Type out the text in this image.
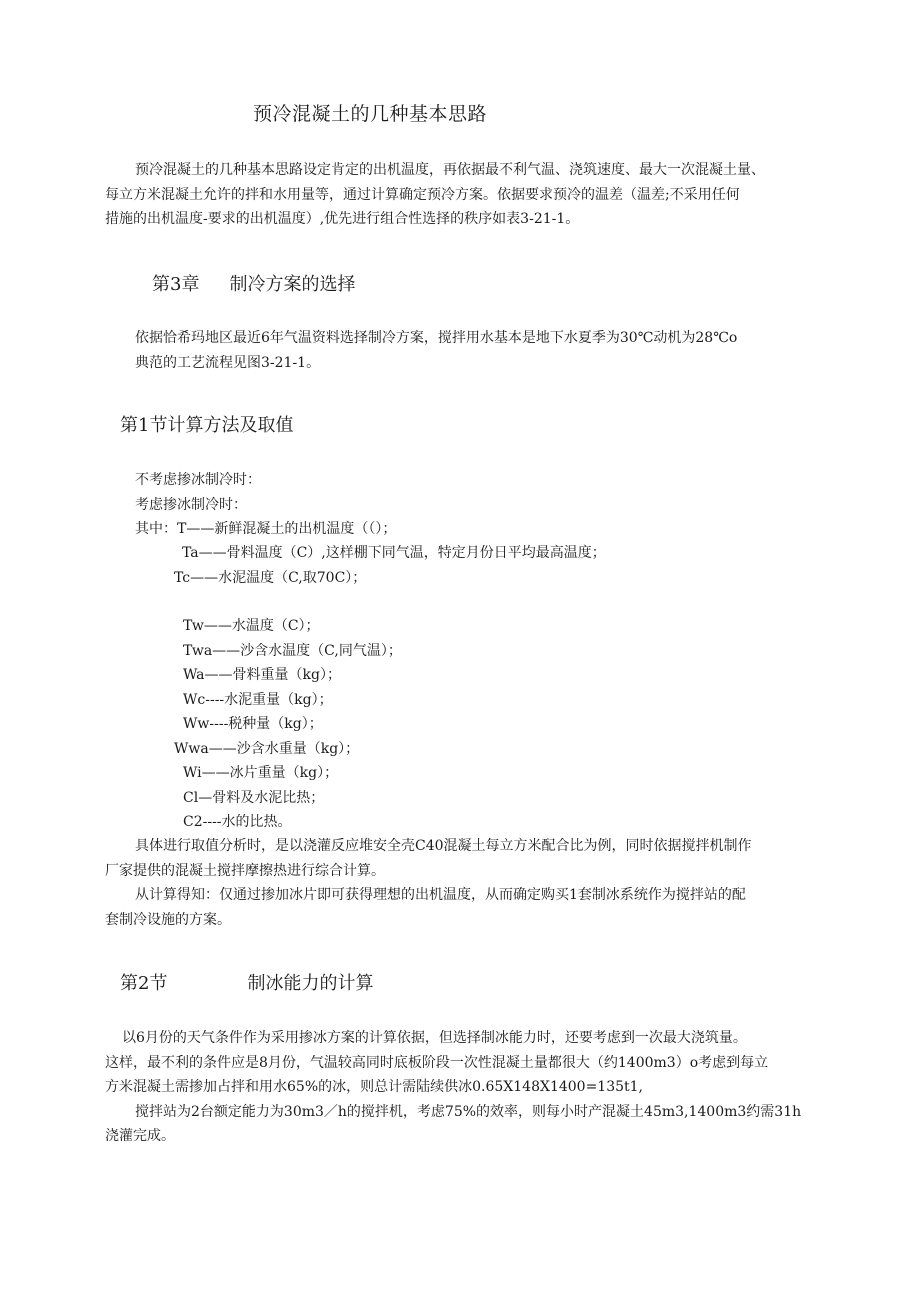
预冷混凝土的几种基本思路
预冷混凝土的几种基本思路设定肯定的出机温度，再依据最不利气温、浇筑速度、最大一次混凝土量、
每立方米混凝土允许的拌和水用量等，通过计算确定预冷方案。依据要求预冷的温差（温差;不采用任何
措施的出机温度-要求的出机温度）,优先进行组合性选择的秩序如表3-21-1。
第3章 制冷方案的选择
依据恰希玛地区最近6年气温资料选择制冷方案，搅拌用水基本是地下水夏季为30℃动机为28℃o
典范的工艺流程见图3-21-1。
第1节计算方法及取值
不考虑掺冰制冷时：
考虑掺冰制冷时：
其中：T——新鲜混凝土的出机温度（（）；
Ta——骨料温度（C）,这样棚下同气温，特定月份日平均最高温度；
Tc——水泥温度（C,取70C）；
Tw——水温度（C）；
Twa——沙含水温度（C,同气温）；
Wa——骨料重量（kg）；
Wc----水泥重量（kg）；
Ww----税种量（kg）；
Wwa——沙含水重量（kg）；
Wi——冰片重量（kg）；
Cl—骨料及水泥比热；
C2----水的比热。
具体进行取值分析时，是以浇灌反应堆安全壳C40混凝土每立方米配合比为例，同时依据搅拌机制作
厂家提供的混凝土搅拌摩擦热进行综合计算。
从计算得知：仅通过掺加冰片即可获得理想的出机温度，从而确定购买1套制冰系统作为搅拌站的配
套制冷设施的方案。
第2节	制冰能力的计算
以6月份的天气条件作为采用掺冰方案的计算依据，但选择制冰能力时，还要考虑到一次最大浇筑量。
这样，最不利的条件应是8月份，气温较高同时底板阶段一次性混凝土量都很大（约1400m3）o考虑到每立
方米混凝土需掺加占拌和用水65%的冰，则总计需陆续供冰0.65X148X1400=135t1,
搅拌站为2台额定能力为30m3／h的搅拌机，考虑75%的效率，则每小时产混凝土45m3,1400m3约需31h
浇灌完成。
